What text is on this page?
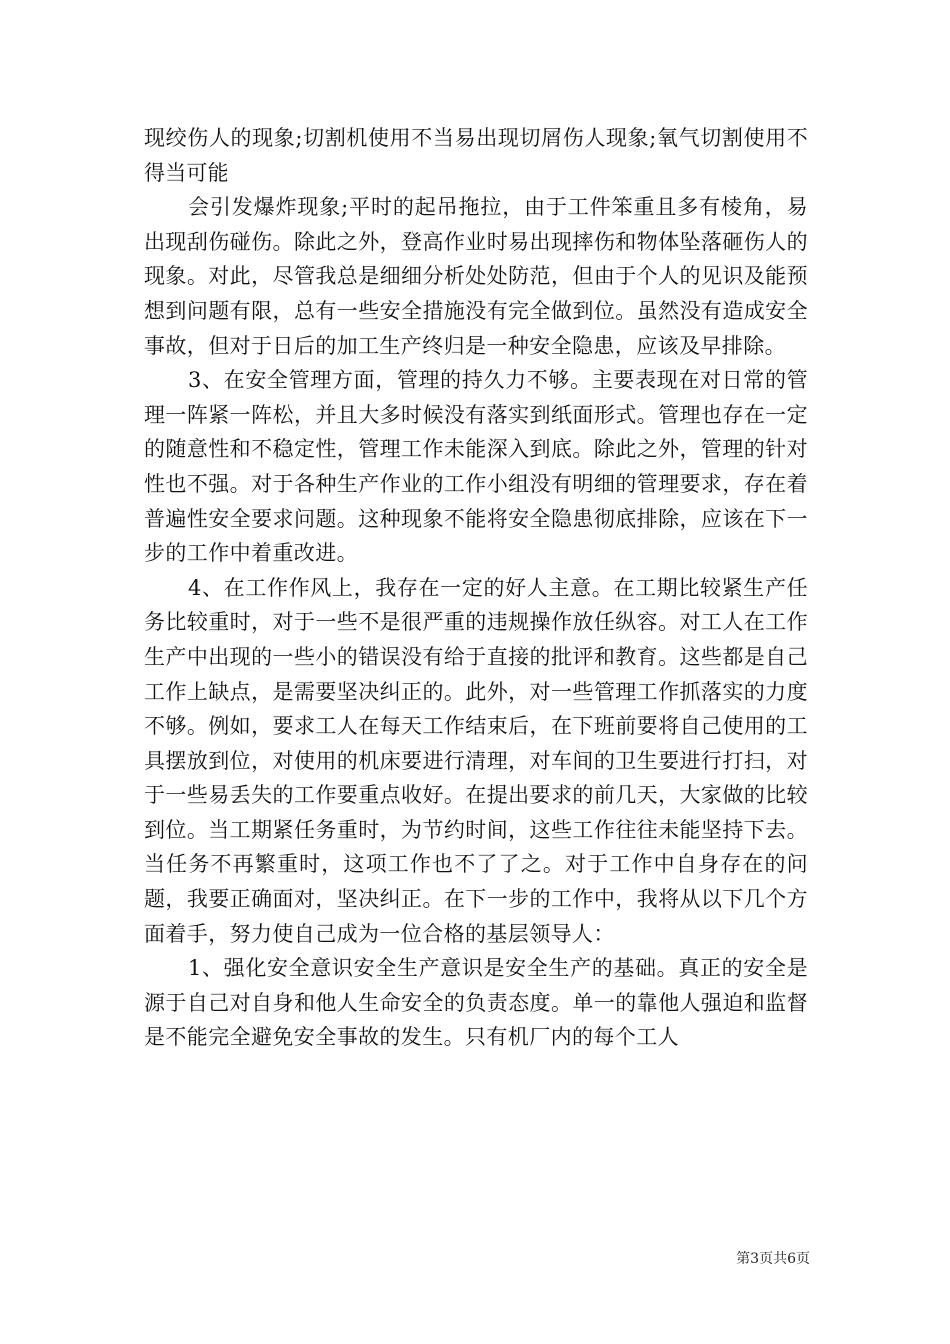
现绞伤人的现象;切割机使用不当易出现切屑伤人现象;氧气切割使用不得当可能

会引发爆炸现象;平时的起吊拖拉，由于工件笨重且多有棱角，易出现刮伤碰伤。除此之外，登高作业时易出现摔伤和物体坠落砸伤人的现象。对此，尽管我总是细细分析处处防范，但由于个人的见识及能预想到问题有限，总有一些安全措施没有完全做到位。虽然没有造成安全事故，但对于日后的加工生产终归是一种安全隐患，应该及早排除。

3、在安全管理方面，管理的持久力不够。主要表现在对日常的管理一阵紧一阵松，并且大多时候没有落实到纸面形式。管理也存在一定的随意性和不稳定性，管理工作未能深入到底。除此之外，管理的针对性也不强。对于各种生产作业的工作小组没有明细的管理要求，存在着普遍性安全要求问题。这种现象不能将安全隐患彻底排除，应该在下一步的工作中着重改进。

4、在工作作风上，我存在一定的好人主意。在工期比较紧生产任务比较重时，对于一些不是很严重的违规操作放任纵容。对工人在工作生产中出现的一些小的错误没有给于直接的批评和教育。这些都是自己工作上缺点，是需要坚决纠正的。此外，对一些管理工作抓落实的力度不够。例如，要求工人在每天工作结束后，在下班前要将自己使用的工具摆放到位，对使用的机床要进行清理，对车间的卫生要进行打扫，对于一些易丢失的工作要重点收好。在提出要求的前几天，大家做的比较到位。当工期紧任务重时，为节约时间，这些工作往往未能坚持下去。当任务不再繁重时，这项工作也不了了之。对于工作中自身存在的问题，我要正确面对，坚决纠正。在下一步的工作中，我将从以下几个方面着手，努力使自己成为一位合格的基层领导人：

1、强化安全意识安全生产意识是安全生产的基础。真正的安全是源于自己对自身和他人生命安全的负责态度。单一的靠他人强迫和监督是不能完全避免安全事故的发生。只有机厂内的每个工人

第3页共6页
